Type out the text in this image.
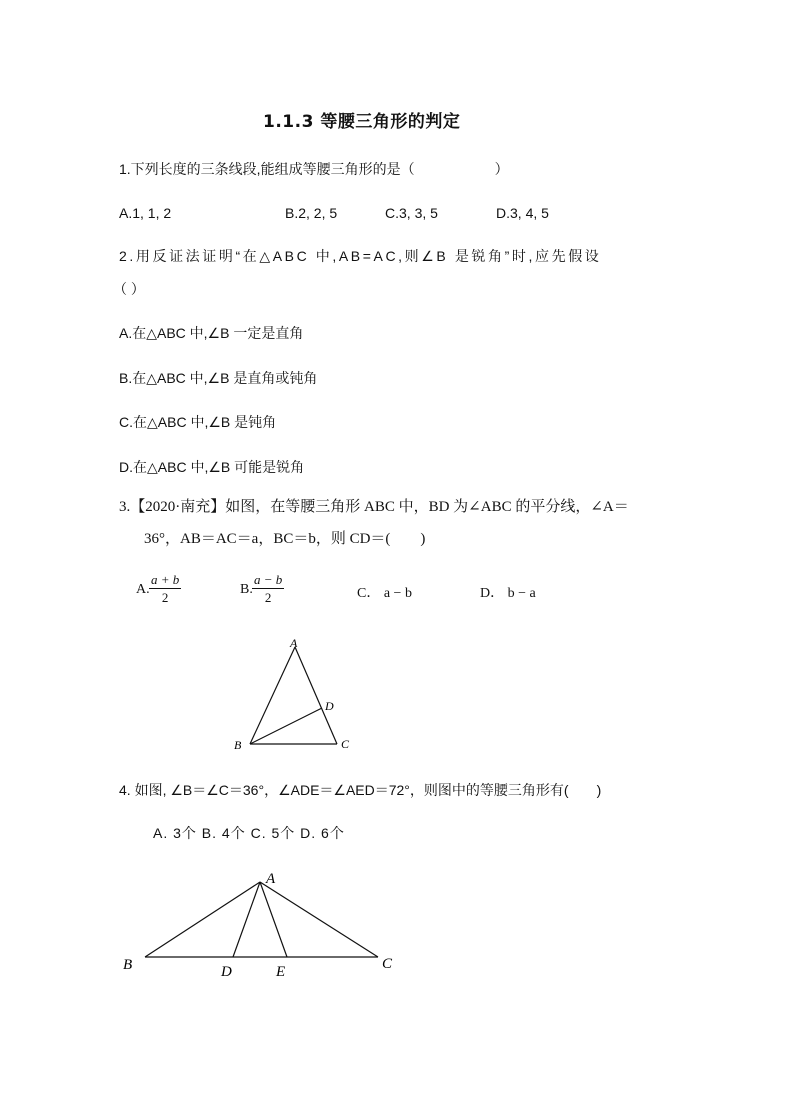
1.1.3 等腰三角形的判定
1.下列长度的三条线段,能组成等腰三角形的是（	）
A.1, 1, 2	B.2, 2, 5	C.3, 3, 5	D.3, 4, 5
2.用反证法证明“在△ABC 中,AB=AC,则∠B 是锐角”时,应先假设
（ ）
A.在△ABC 中,∠B 一定是直角
B.在△ABC 中,∠B 是直角或钝角
C.在△ABC 中,∠B 是钝角
D.在△ABC 中,∠B 可能是锐角
3.【2020·南充】如图，在等腰三角形 ABC 中，BD 为∠ABC 的平分线，∠A＝
36°，AB＝AC＝a，BC＝b，则 CD＝(　　)
A. $\frac{a + b}{2}$	B. $\frac{a - b}{2}$	C． a − b	D． b − a
A
B	C
D
4. 如图, ∠B＝∠C＝36°，∠ADE＝∠AED＝72°，则图中的等腰三角形有(　　)
A. 3个 B. 4个 C. 5个 D. 6个
A
B	C
D	E
